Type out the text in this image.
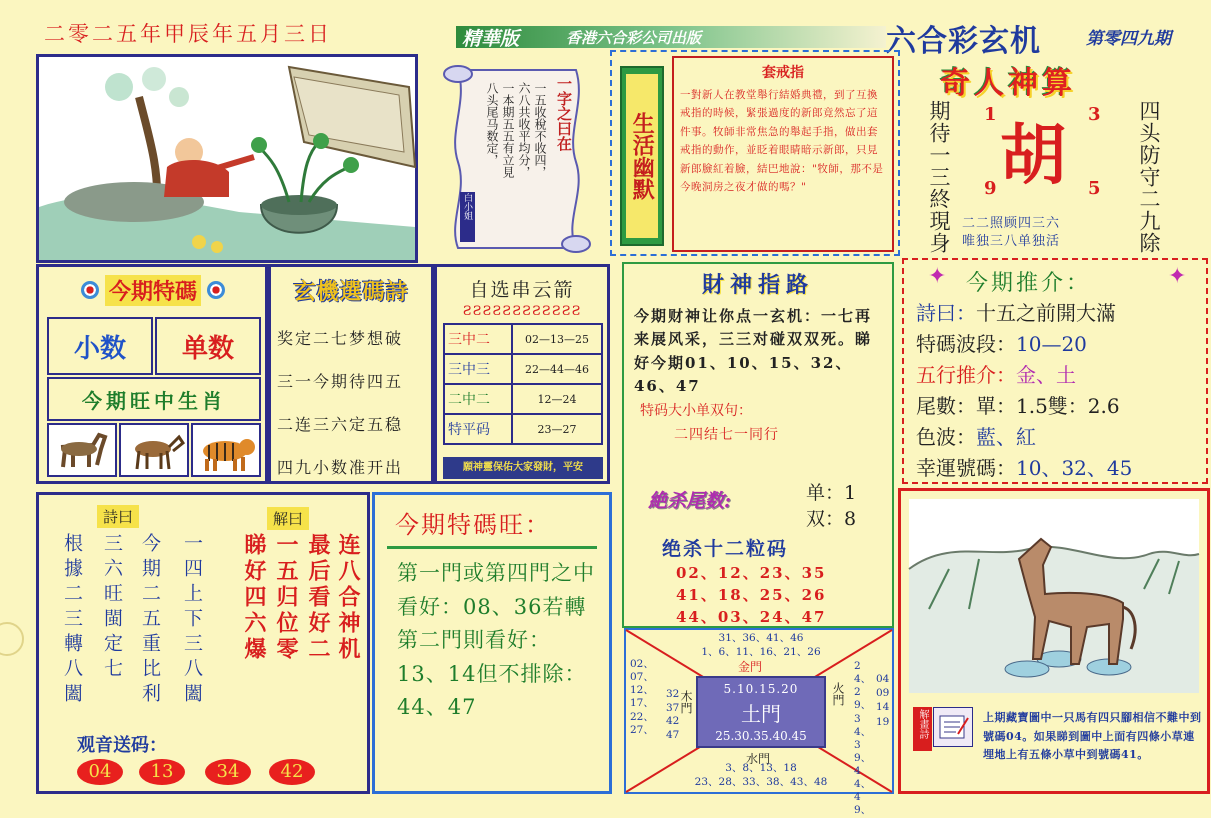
二零二五年甲辰年五月三日	精華版	香港六合彩公司出版	六合彩玄机	第零四九期
一字之曰在
一五收稅不收四，
六八共收平均分，
一本期五五有立見
八头尾马数定，
白小姐
生活幽默
套戒指
一對新人在教堂舉行結婚典禮，到了互換戒指的時候，緊張過度的新郎竟然忘了這件事。牧師非常焦急的舉起手指，做出套戒指的動作，並眨着眼睛暗示新郎，只見新郎臉紅着臉，結巴地說："牧師，那不是今晚洞房之夜才做的嗎？"
奇人神算
期待一三終現身	四头防守二九除
胡
1	3
9	5
二二照顾四三六
唯独三八单独活
今期特碼
小数 单数
今期旺中生肖
玄機選碼詩
奖定二七梦想破
三一今期待四五
二连三六定五稳
四九小数准开出
自选串云箭
ƧƧƧƧƧƧƧƧƧƧƧƧ
三中二	02—13—25
三中三	22—44—46
二中二	12—24
特平码	23—27
願神靈保佑大家發財，平安
財神指路
今期财神让你点一玄机：一七再来展风采，三三对碰双双死。睇好今期01、10、15、32、46、47
特码大小单双句：
二四结七一同行
絶杀尾数:	单：1
双：8
绝杀十二粒码
02、12、23、35
41、18、25、26
44、03、24、47
✦ 今期推介：	✦
詩曰：十五之前開大滿
特碼波段：10—20
五行推介：金、土
尾數：單：1.5雙：2.6
色波：藍、紅
幸運號碼：10、32、45
詩曰	解曰
一四上下三八闔
今期二五重比利
三六旺閩定七
根據二三轉八闔	连八合神机
最后看好二
一五归位零
睇好四六爆
观音送码：
04	13	34	42
今期特碼旺：
第一門或第四門之中看好：08、36若轉第二門則看好：13、14但不排除：44、47
31、36、41、46
1、6、11、16、21、26
金門
02、07、12、17、22、27、
32 37 42 47
木門
5.10.15.20
土門
25.30.35.40.45
火門
24、29、34、39、44、49、
04 09 14 19
水門
3、8、13、18
23、28、33、38、43、48
解畫詩	上期藏寶圖中一只馬有四只腳相信不難中到號碼04。如果睇到圖中上面有四條小草連埋地上有五條小草中到號碼41。
